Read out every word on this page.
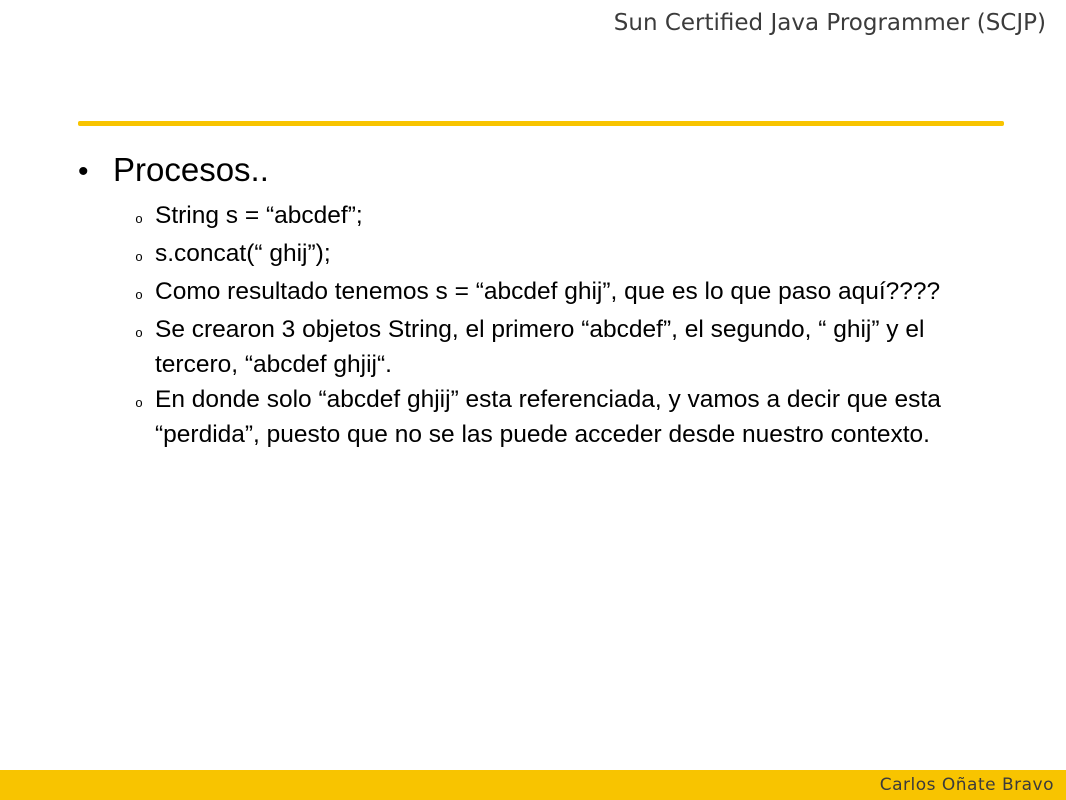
Sun Certified Java Programmer (SCJP)
• Procesos..
o String s = “abcdef”;
o s.concat(“ ghij”);
o Como resultado tenemos s = “abcdef ghij”, que es lo que paso aquí????
o Se crearon 3 objetos String, el primero “abcdef”, el segundo, “ ghij” y el tercero, “abcdef ghjij“.
o En donde solo “abcdef ghjij” esta referenciada, y vamos a decir que esta “perdida”, puesto que no se las puede acceder desde nuestro contexto.
Carlos Oñate Bravo
